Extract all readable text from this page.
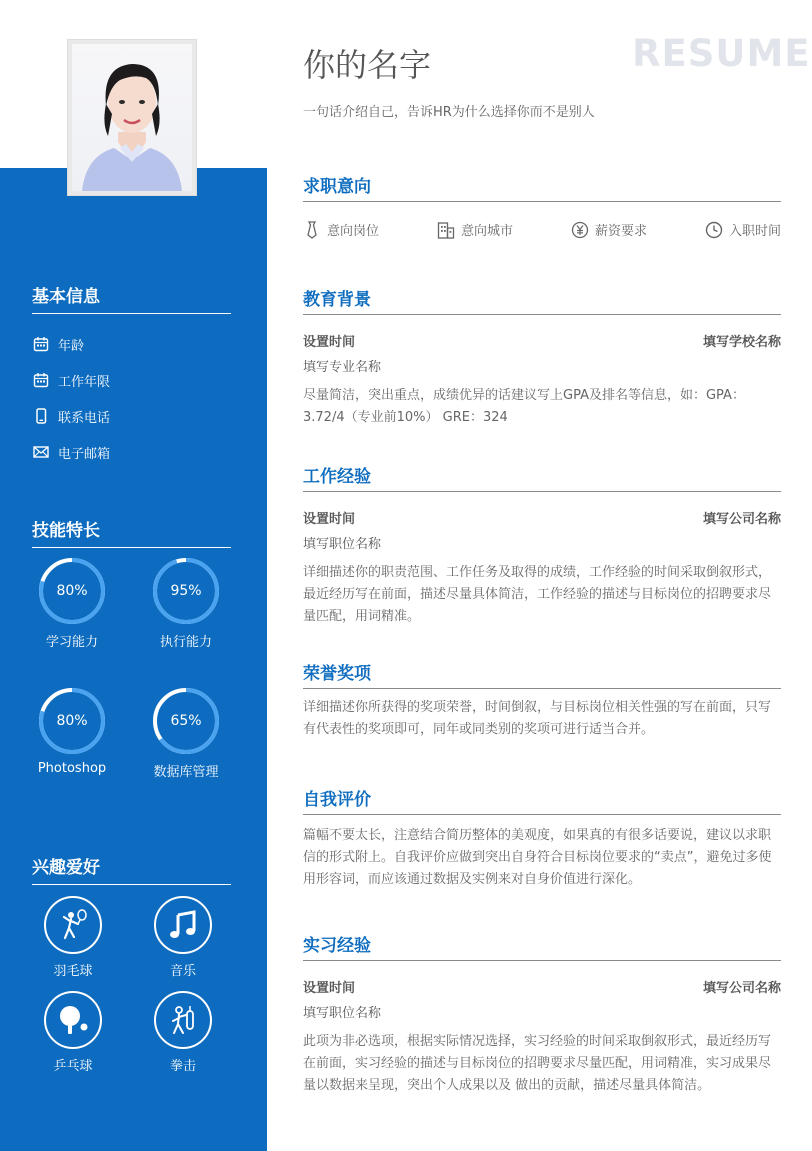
基本信息
年龄
工作年限
联系电话
电子邮箱
技能特长
80%
学习能力
95%
执行能力
80%
Photoshop
65%
数据库管理
兴趣爱好
羽毛球	音乐
乒乓球	拳击
你的名字	RESUME
一句话介绍自己，告诉HR为什么选择你而不是别人
求职意向
意向岗位	意向城市	薪资要求	入职时间
教育背景
设置时间	填写学校名称
填写专业名称
尽量简洁，突出重点，成绩优异的话建议写上GPA及排名等信息，如：GPA：3.72/4（专业前10%） GRE：324
工作经验
设置时间	填写公司名称
填写职位名称
详细描述你的职责范围、工作任务及取得的成绩，工作经验的时间采取倒叙形式，最近经历写在前面，描述尽量具体简洁，工作经验的描述与目标岗位的招聘要求尽量匹配，用词精准。
荣誉奖项
详细描述你所获得的奖项荣誉，时间倒叙，与目标岗位相关性强的写在前面，只写有代表性的奖项即可，同年或同类别的奖项可进行适当合并。
自我评价
篇幅不要太长，注意结合简历整体的美观度，如果真的有很多话要说，建议以求职信的形式附上。自我评价应做到突出自身符合目标岗位要求的“卖点”，避免过多使用形容词，而应该通过数据及实例来对自身价值进行深化。
实习经验
设置时间	填写公司名称
填写职位名称
此项为非必选项，根据实际情况选择，实习经验的时间采取倒叙形式，最近经历写在前面，实习经验的描述与目标岗位的招聘要求尽量匹配，用词精准，实习成果尽量以数据来呈现，突出个人成果以及 做出的贡献，描述尽量具体简洁。
